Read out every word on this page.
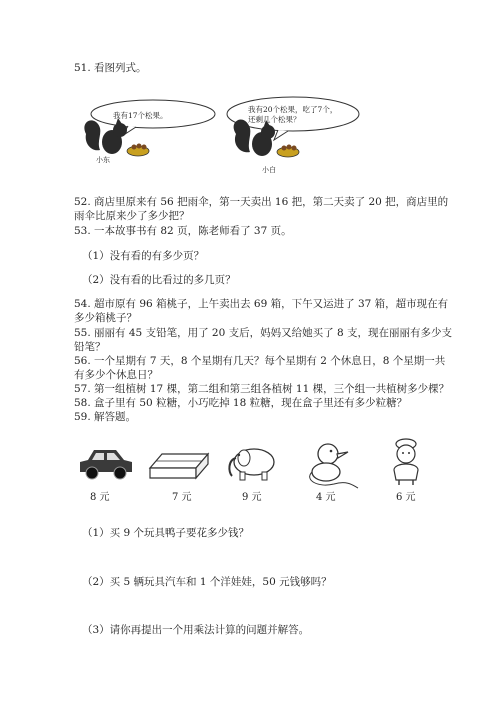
51. 看图列式。
我有17个松果。
我有20个松果，吃了7个，
还剩几个松果？
小东
小白
52. 商店里原来有 56 把雨伞，第一天卖出 16 把，第二天卖了 20 把，商店里的
雨伞比原来少了多少把？
53. 一本故事书有 82 页，陈老师看了 37 页。
（1）没有看的有多少页？
（2）没有看的比看过的多几页？
54. 超市原有 96 箱桃子，上午卖出去 69 箱，下午又运进了 37 箱，超市现在有
多少箱桃子？
55. 丽丽有 45 支铅笔，用了 20 支后，妈妈又给她买了 8 支，现在丽丽有多少支
铅笔？
56. 一个星期有 7 天，8 个星期有几天？每个星期有 2 个休息日，8 个星期一共
有多少个休息日？
57. 第一组植树 17 棵，第二组和第三组各植树 11 棵，三个组一共植树多少棵？
58. 盒子里有 50 粒糖，小巧吃掉 18 粒糖，现在盒子里还有多少粒糖？
59. 解答题。
8 元	7 元	9 元	4 元	6 元
（1）买 9 个玩具鸭子要花多少钱？
（2）买 5 辆玩具汽车和 1 个洋娃娃，50 元钱够吗？
（3）请你再提出一个用乘法计算的问题并解答。
